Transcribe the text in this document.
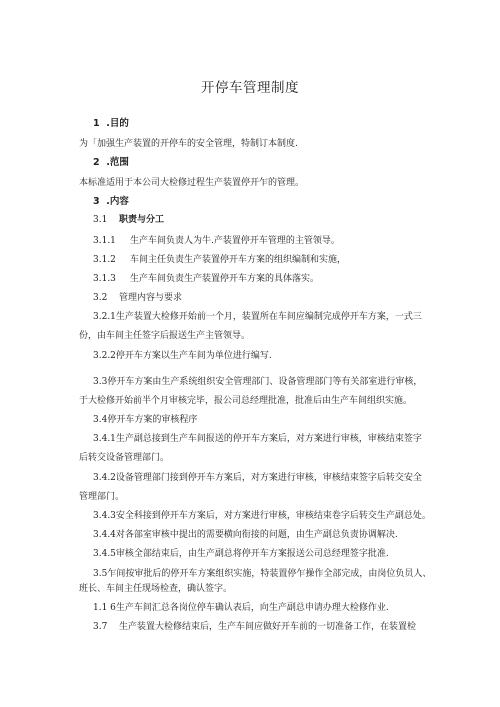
开停车管理制度
1 .目的
为「加强生产装置的开停车的安全管理，特制订本制度.
2 .范围
本标准适用于本公司大检修过程生产装置停开乍的管理。
3 .内容
3.1 职责与分工
3.1.1 生产车间负责人为牛.产装置停开车管理的主管领导。
3.1.2 车间主任负责生产装置停开车方案的组织编制和实施，
3.1.3 生产车间负责生产装置停开车方案的具体落实。
3.2 管理内容与要求
3.2.1生产装置大检修开始前一个月，装置所在车间应编制完成停开车方案，一式三
份，由车间主任签字后报送生产主管领导。
3.2.2停开车方案以生产车间为单位进行编写.
3.3停开车方案由生产系统组织安全管理部门、设备管理部门等有关部室进行审核，
于大检修开始前半个月审核完毕，报公司总经理批准，批准后由生产车间组织实施。
3.4停开车方案的审核程序
3.4.1生产副总接到生产车间报送的停开车方案后，对方案进行审核，审核结束签字
后转交设备管理部门。
3.4.2设备管理部门接到停开车方案后，对方案进行审核，审核结束签字后转交安全
管理部门。
3.4.3安全科接到停开车方案后，对方案进行审核，审核结束卷字后转交生产副总处。
3.4.4对各部室审核中提出的需要横向衔接的问题，由生产副总负责协调解决.
3.4.5审核全部结束后，由生产副总将停开车方案报送公司总经理签字批准.
3.5乍间按审批后的停开车方案组织实施，特装置停乍操作全部完成，由岗位负员人、
班长、车间主任现场检查，确认签字。
1.1 6生产车间汇总各岗位停车确认表后，向生产副总申请办理大检修作业.
3.7 生产装置大检修结束后，生产车间应做好开车前的一切准备工作，在装置检
